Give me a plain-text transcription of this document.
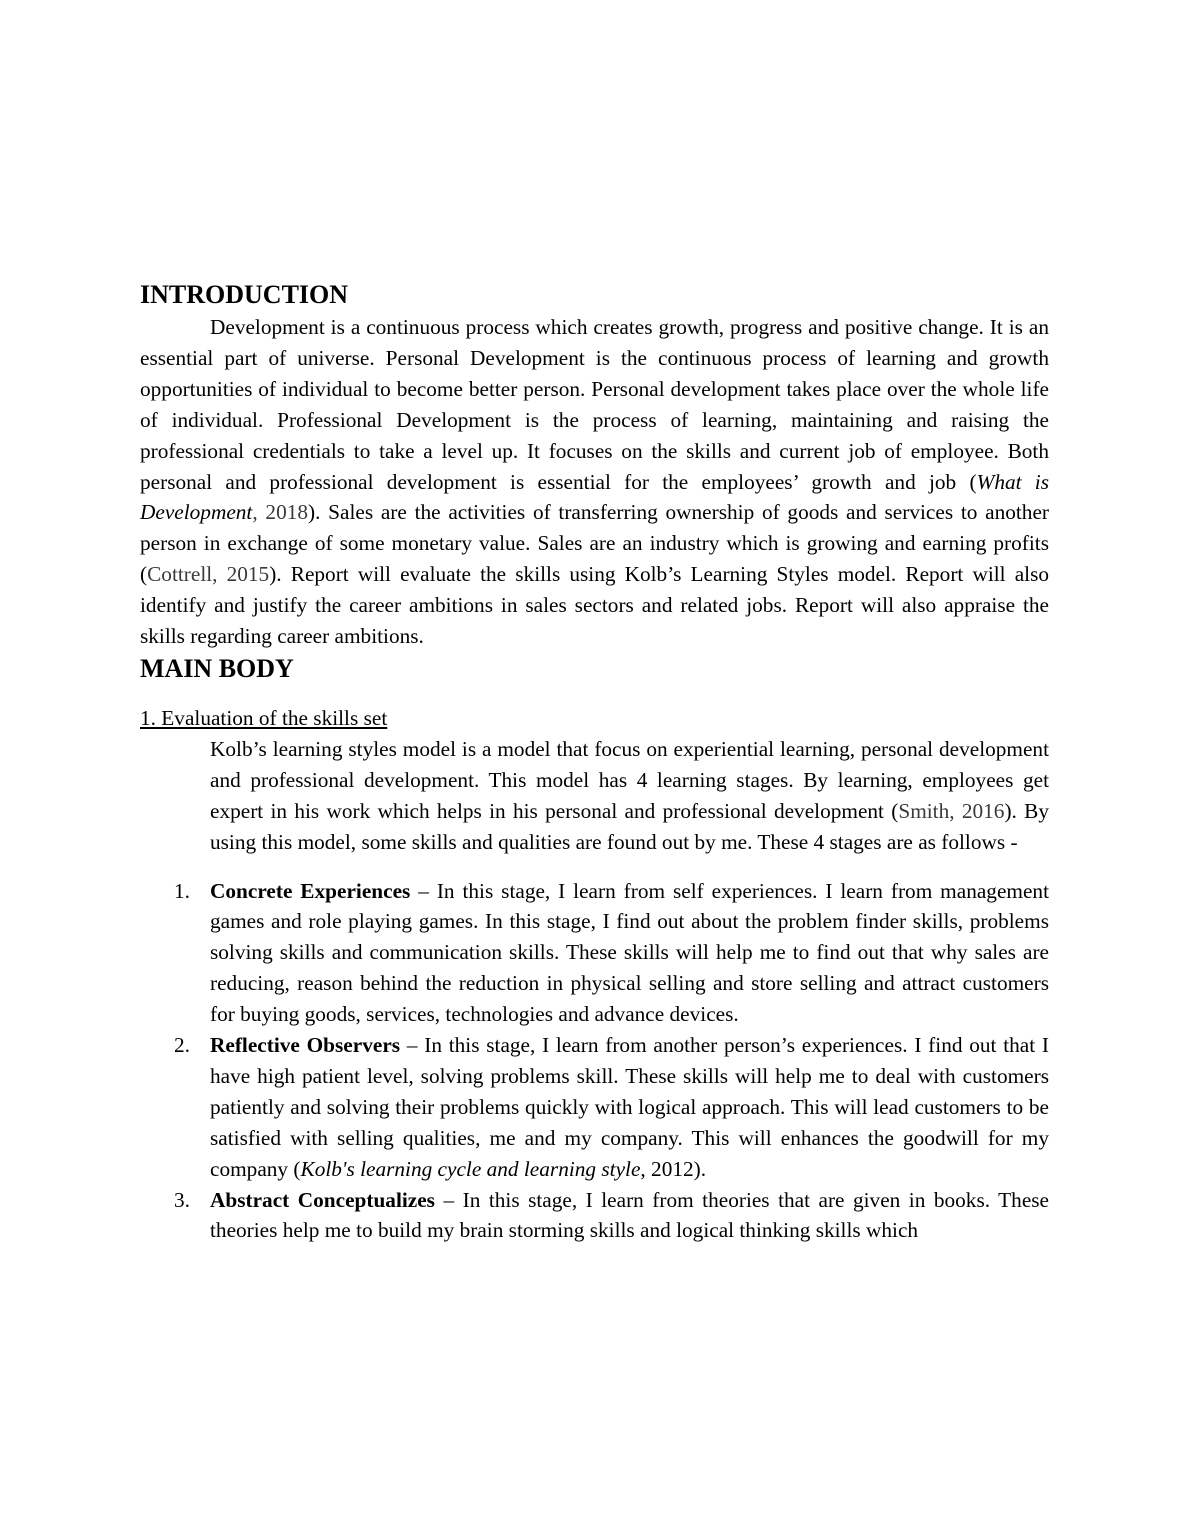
INTRODUCTION

Development is a continuous process which creates growth, progress and positive change. It is an essential part of universe. Personal Development is the continuous process of learning and growth opportunities of individual to become better person. Personal development takes place over the whole life of individual. Professional Development is the process of learning, maintaining and raising the professional credentials to take a level up. It focuses on the skills and current job of employee. Both personal and professional development is essential for the employees’ growth and job (What is Development, 2018). Sales are the activities of transferring ownership of goods and services to another person in exchange of some monetary value. Sales are an industry which is growing and earning profits (Cottrell, 2015). Report will evaluate the skills using Kolb’s Learning Styles model. Report will also identify and justify the career ambitions in sales sectors and related jobs. Report will also appraise the skills regarding career ambitions.

MAIN BODY
1. Evaluation of the skills set

Kolb’s learning styles model is a model that focus on experiential learning, personal development and professional development. This model has 4 learning stages. By learning, employees get expert in his work which helps in his personal and professional development (Smith, 2016). By using this model, some skills and qualities are found out by me. These 4 stages are as follows -

1. Concrete Experiences – In this stage, I learn from self experiences. I learn from management games and role playing games. In this stage, I find out about the problem finder skills, problems solving skills and communication skills. These skills will help me to find out that why sales are reducing, reason behind the reduction in physical selling and store selling and attract customers for buying goods, services, technologies and advance devices.
2. Reflective Observers – In this stage, I learn from another person’s experiences. I find out that I have high patient level, solving problems skill. These skills will help me to deal with customers patiently and solving their problems quickly with logical approach. This will lead customers to be satisfied with selling qualities, me and my company. This will enhances the goodwill for my company (Kolb's learning cycle and learning style, 2012).
3. Abstract Conceptualizes – In this stage, I learn from theories that are given in books. These theories help me to build my brain storming skills and logical thinking skills which
